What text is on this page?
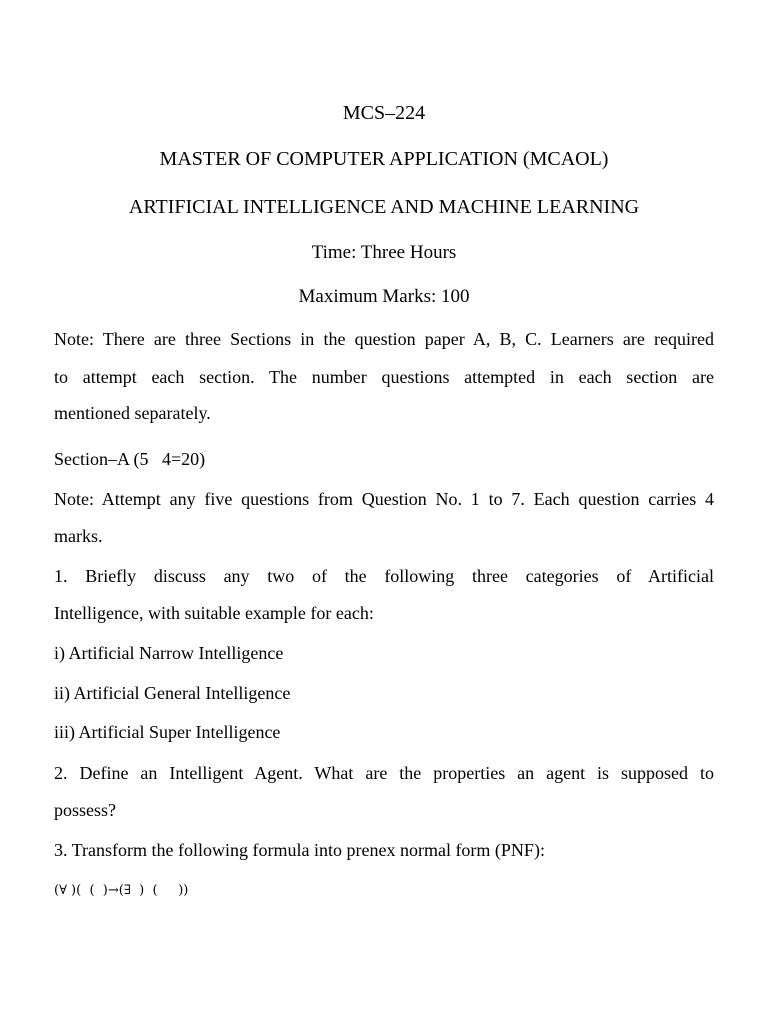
MCS–224
MASTER OF COMPUTER APPLICATION (MCAOL)
ARTIFICIAL INTELLIGENCE AND MACHINE LEARNING
Time: Three Hours
Maximum Marks: 100
Note: There are three Sections in the question paper A, B, C. Learners are required
to attempt each section. The number questions attempted in each section are
mentioned separately.
Section–A (5   4=20)
Note: Attempt any five questions from Question No. 1 to 7. Each question carries 4
marks.
1. Briefly discuss any two of the following three categories of Artificial
Intelligence, with suitable example for each:
i) Artificial Narrow Intelligence
ii) Artificial General Intelligence
iii) Artificial Super Intelligence
2. Define an Intelligent Agent. What are the properties an agent is supposed to
possess?
3. Transform the following formula into prenex normal form (PNF):
(∀ )(  (  )→(∃  )  (     ))
